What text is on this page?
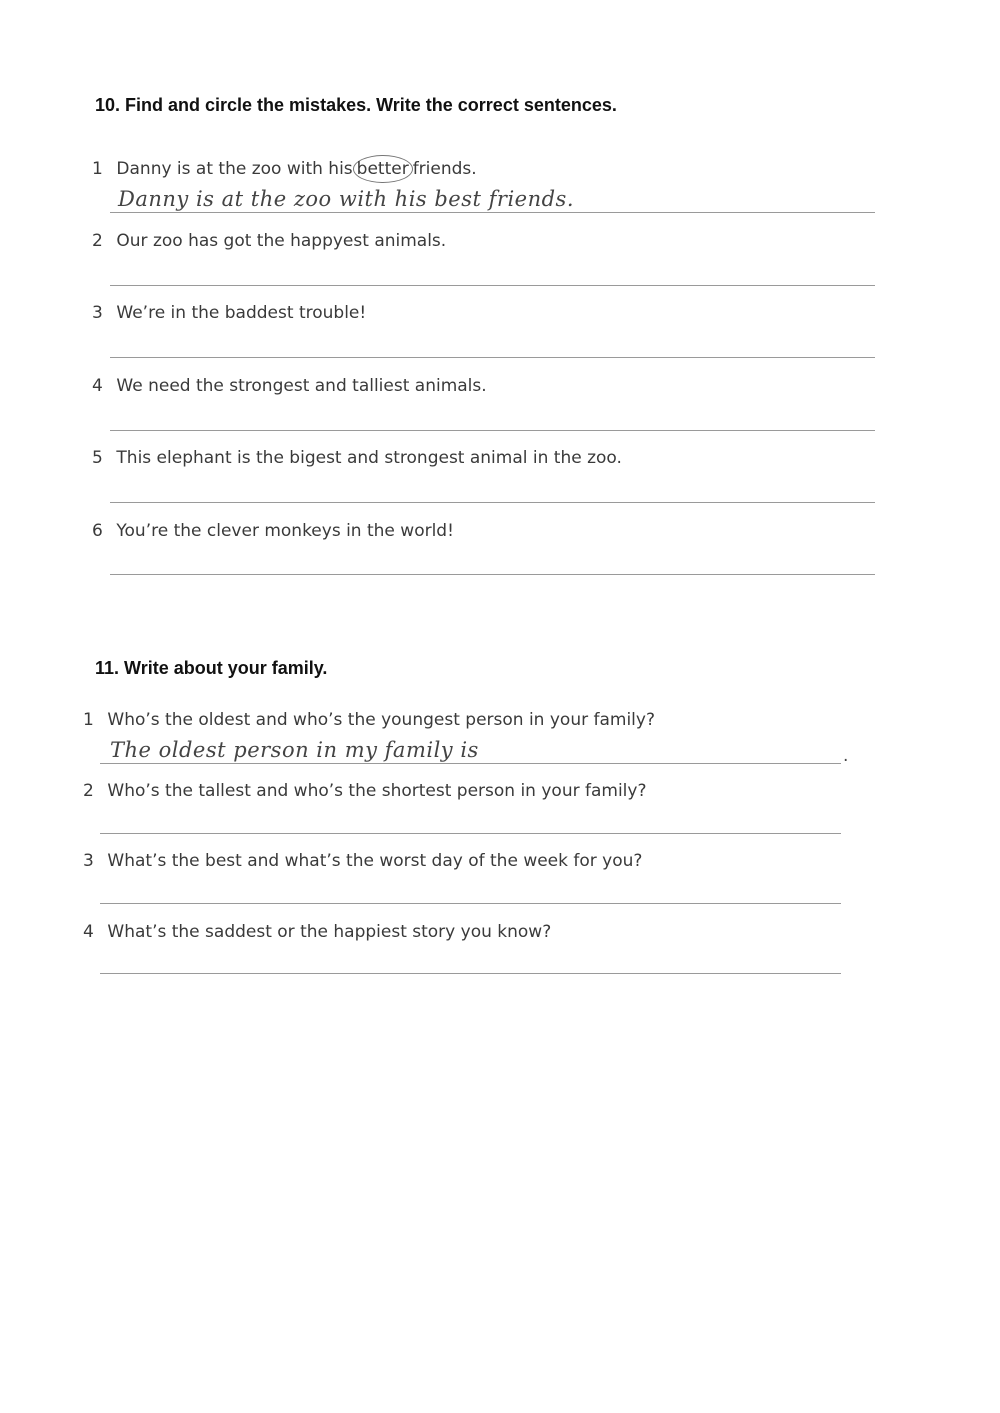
10. Find and circle the mistakes. Write the correct sentences.
1 Danny is at the zoo with his better friends.
Danny is at the zoo with his best friends.
2 Our zoo has got the happyest animals.
3 We’re in the baddest trouble!
4 We need the strongest and talliest animals.
5 This elephant is the bigest and strongest animal in the zoo.
6 You’re the clever monkeys in the world!
11. Write about your family.
1 Who’s the oldest and who’s the youngest person in your family?
The oldest person in my family is	.
2 Who’s the tallest and who’s the shortest person in your family?
3 What’s the best and what’s the worst day of the week for you?
4 What’s the saddest or the happiest story you know?
